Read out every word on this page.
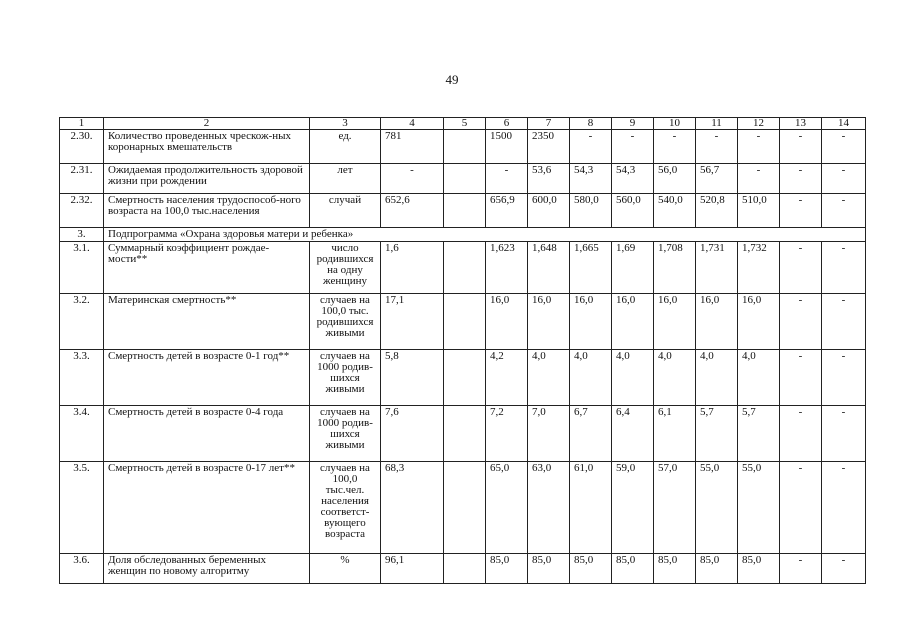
49
1	2	3	4	5	6	7	8	9	10	11	12	13	14
2.30.	Количество проведенных чрескож-ных коронарных вмешательств	ед.	781		1500	2350	-	-	-	-	-	-	-
2.31.	Ожидаемая продолжительность здоровой жизни при рождении	лет	-		-	53,6	54,3	54,3	56,0	56,7	-	-	-
2.32.	Смертность населения трудоспособ-ного возраста на 100,0 тыс.населения	случай	652,6		656,9	600,0	580,0	560,0	540,0	520,8	510,0	-	-
3.	Подпрограмма «Охрана здоровья матери и ребенка»												
3.1.	Суммарный коэффициент рождае-мости**	число родившихся на одну женщину	1,6		1,623	1,648	1,665	1,69	1,708	1,731	1,732	-	-
3.2.	Материнская смертность**	случаев на 100,0 тыс. родившихся живыми	17,1		16,0	16,0	16,0	16,0	16,0	16,0	16,0	-	-
3.3.	Смертность детей в возрасте 0-1 год**	случаев на 1000 родив-шихся живыми	5,8		4,2	4,0	4,0	4,0	4,0	4,0	4,0	-	-
3.4.	Смертность детей в возрасте 0-4 года	случаев на 1000 родив-шихся живыми	7,6		7,2	7,0	6,7	6,4	6,1	5,7	5,7	-	-
3.5.	Смертность детей в возрасте 0-17 лет**	случаев на 100,0 тыс.чел. населения соответст-вующего возраста	68,3		65,0	63,0	61,0	59,0	57,0	55,0	55,0	-	-
3.6.	Доля обследованных беременных женщин по новому алгоритму	%	96,1		85,0	85,0	85,0	85,0	85,0	85,0	85,0	-	-
